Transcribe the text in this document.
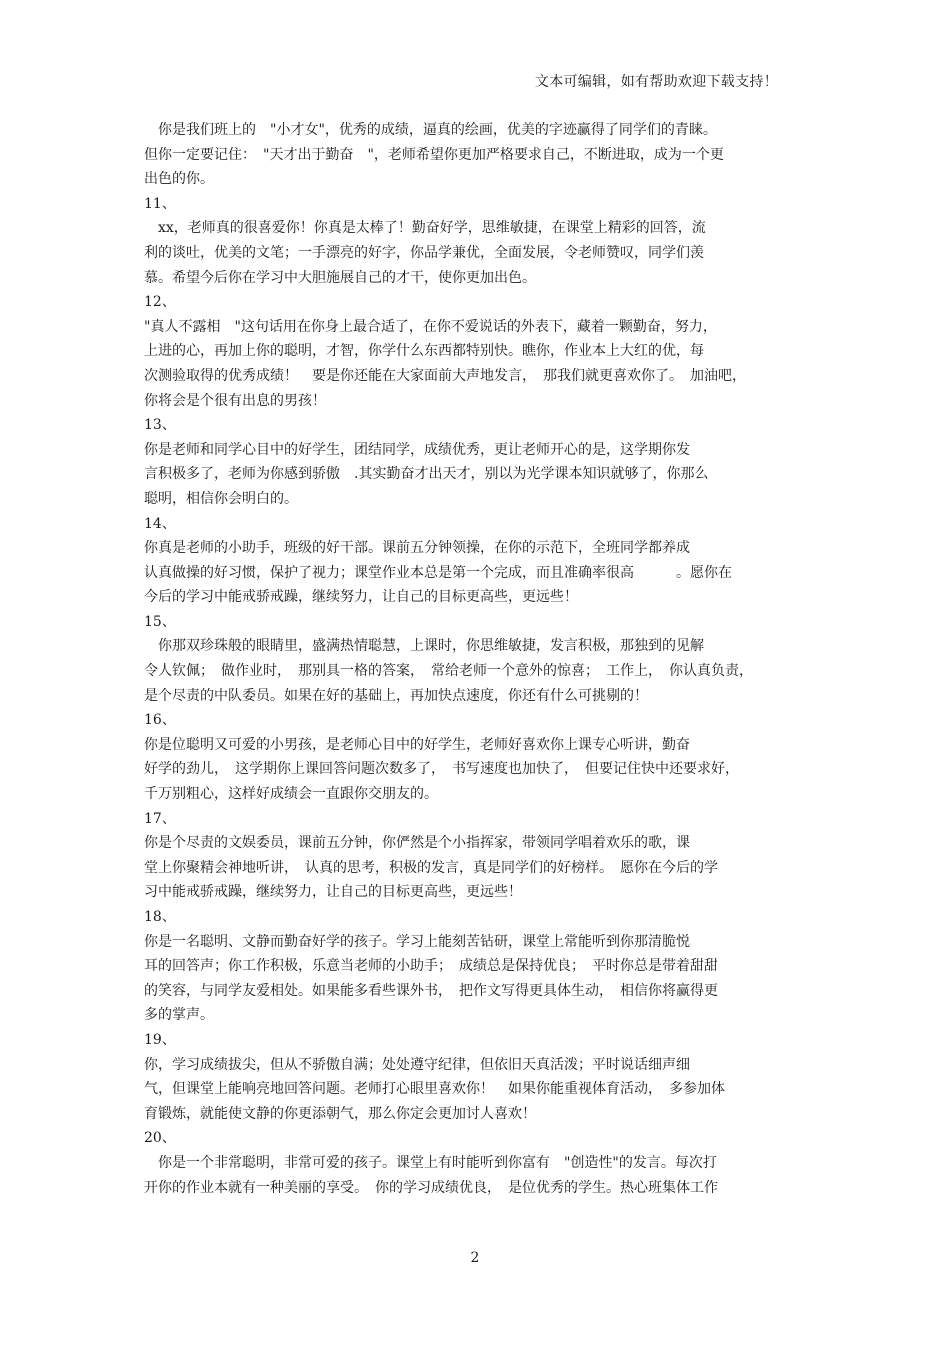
文本可编辑，如有帮助欢迎下载支持！
　你是我们班上的　"小才女"，优秀的成绩，逼真的绘画，优美的字迹赢得了同学们的青睐。
但你一定要记住：　"天才出于勤奋　"，老师希望你更加严格要求自己，不断进取，成为一个更
出色的你。
11、
　xx，老师真的很喜爱你！你真是太棒了！勤奋好学，思维敏捷，在课堂上精彩的回答，流
利的谈吐，优美的文笔；一手漂亮的好字，你品学兼优，全面发展，令老师赞叹，同学们羡
慕。希望今后你在学习中大胆施展自己的才干，使你更加出色。
12、
"真人不露相　"这句话用在你身上最合适了，在你不爱说话的外表下，藏着一颗勤奋，努力，
上进的心，再加上你的聪明，才智，你学什么东西都特别快。瞧你，作业本上大红的优，每
次测验取得的优秀成绩！　要是你还能在大家面前大声地发言，　那我们就更喜欢你了。　加油吧，
你将会是个很有出息的男孩！
13、
你是老师和同学心目中的好学生，团结同学，成绩优秀，更让老师开心的是，这学期你发
言积极多了，老师为你感到骄傲　.其实勤奋才出天才，别以为光学课本知识就够了，你那么
聪明，相信你会明白的。
14、
你真是老师的小助手，班级的好干部。课前五分钟领操，在你的示范下，全班同学都养成
认真做操的好习惯，保护了视力；课堂作业本总是第一个完成，而且准确率很高　　　。愿你在
今后的学习中能戒骄戒躁，继续努力，让自己的目标更高些，更远些！
15、
　你那双珍珠般的眼睛里，盛满热情聪慧，上课时，你思维敏捷，发言积极，那独到的见解
令人钦佩；　做作业时，　那别具一格的答案，　常给老师一个意外的惊喜；　工作上，　你认真负责，
是个尽责的中队委员。如果在好的基础上，再加快点速度，你还有什么可挑剔的！
16、
你是位聪明又可爱的小男孩，是老师心目中的好学生，老师好喜欢你上课专心听讲，勤奋
好学的劲儿，　这学期你上课回答问题次数多了，　书写速度也加快了，　但要记住快中还要求好，
千万别粗心，这样好成绩会一直跟你交朋友的。
17、
你是个尽责的文娱委员，课前五分钟，你俨然是个小指挥家，带领同学唱着欢乐的歌，课
堂上你聚精会神地听讲，　认真的思考，积极的发言，真是同学们的好榜样。　愿你在今后的学
习中能戒骄戒躁，继续努力，让自己的目标更高些，更远些！
18、
你是一名聪明、文静而勤奋好学的孩子。学习上能刻苦钻研，课堂上常能听到你那清脆悦
耳的回答声；你工作积极，乐意当老师的小助手；　成绩总是保持优良；　平时你总是带着甜甜
的笑容，与同学友爱相处。如果能多看些课外书，　把作文写得更具体生动，　相信你将赢得更
多的掌声。
19、
你，学习成绩拔尖，但从不骄傲自满；处处遵守纪律，但依旧天真活泼；平时说话细声细
气，但课堂上能响亮地回答问题。老师打心眼里喜欢你！　如果你能重视体育活动，　多参加体
育锻炼，就能使文静的你更添朝气，那么你定会更加讨人喜欢！
20、
　你是一个非常聪明，非常可爱的孩子。课堂上有时能听到你富有　"创造性"的发言。每次打
开你的作业本就有一种美丽的享受。　你的学习成绩优良，　是位优秀的学生。热心班集体工作
2
